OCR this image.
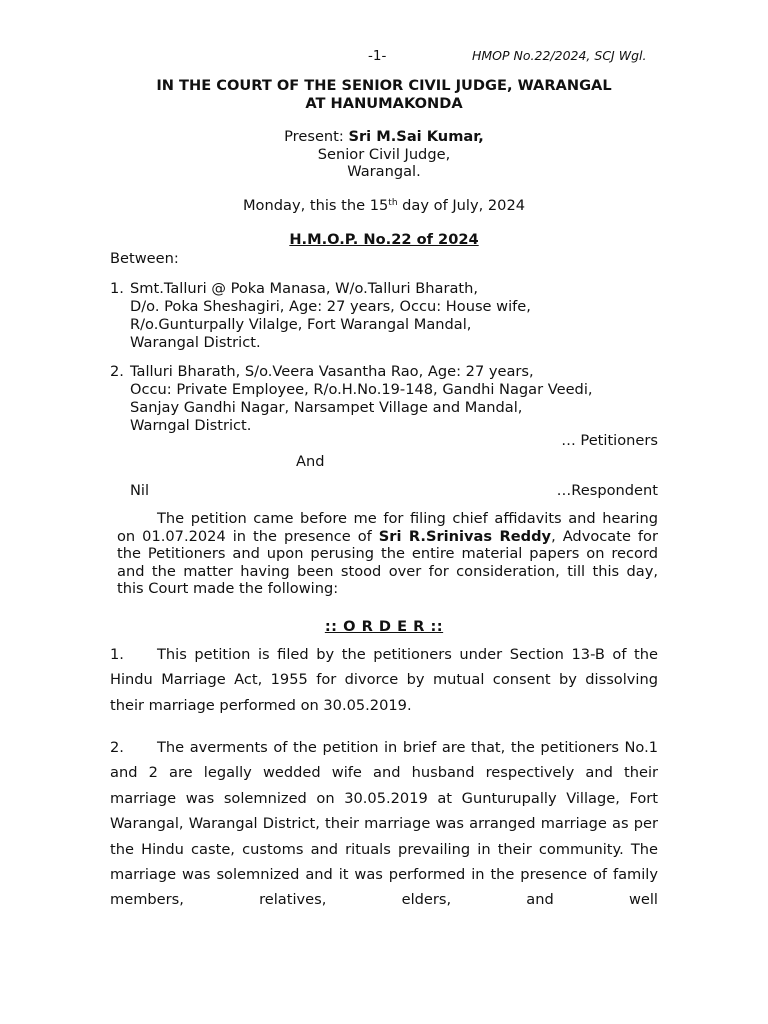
-1-	HMOP No.22/2024, SCJ Wgl.
IN THE COURT OF THE SENIOR CIVIL JUDGE, WARANGAL
AT HANUMAKONDA
Present: Sri M.Sai Kumar,
Senior Civil Judge,
Warangal.
Monday, this the 15th day of July, 2024
H.M.O.P. No.22 of 2024
Between:
1. Smt.Talluri @ Poka Manasa, W/o.Talluri Bharath,
D/o. Poka Sheshagiri, Age: 27 years, Occu: House wife,
R/o.Gunturpally Vilalge, Fort Warangal Mandal,
Warangal District.
2. Talluri Bharath, S/o.Veera Vasantha Rao, Age: 27 years,
Occu: Private Employee, R/o.H.No.19-148, Gandhi Nagar Veedi,
Sanjay Gandhi Nagar, Narsampet Village and Mandal,
Warngal District.
… Petitioners
And
Nil	…Respondent
The petition came before me for filing chief affidavits and hearing on 01.07.2024 in the presence of Sri R.Srinivas Reddy, Advocate for the Petitioners and upon perusing the entire material papers on record and the matter having been stood over for consideration, till this day, this Court made the following:
:: O R D E R ::
1. This petition is filed by the petitioners under Section 13-B of the Hindu Marriage Act, 1955 for divorce by mutual consent by dissolving their marriage performed on 30.05.2019.
2. The averments of the petition in brief are that, the petitioners No.1 and 2 are legally wedded wife and husband respectively and their marriage was solemnized on 30.05.2019 at Gunturupally Village, Fort Warangal, Warangal District, their marriage was arranged marriage as per the Hindu caste, customs and rituals prevailing in their community. The marriage was solemnized and it was performed in the presence of family members, relatives, elders, and well
